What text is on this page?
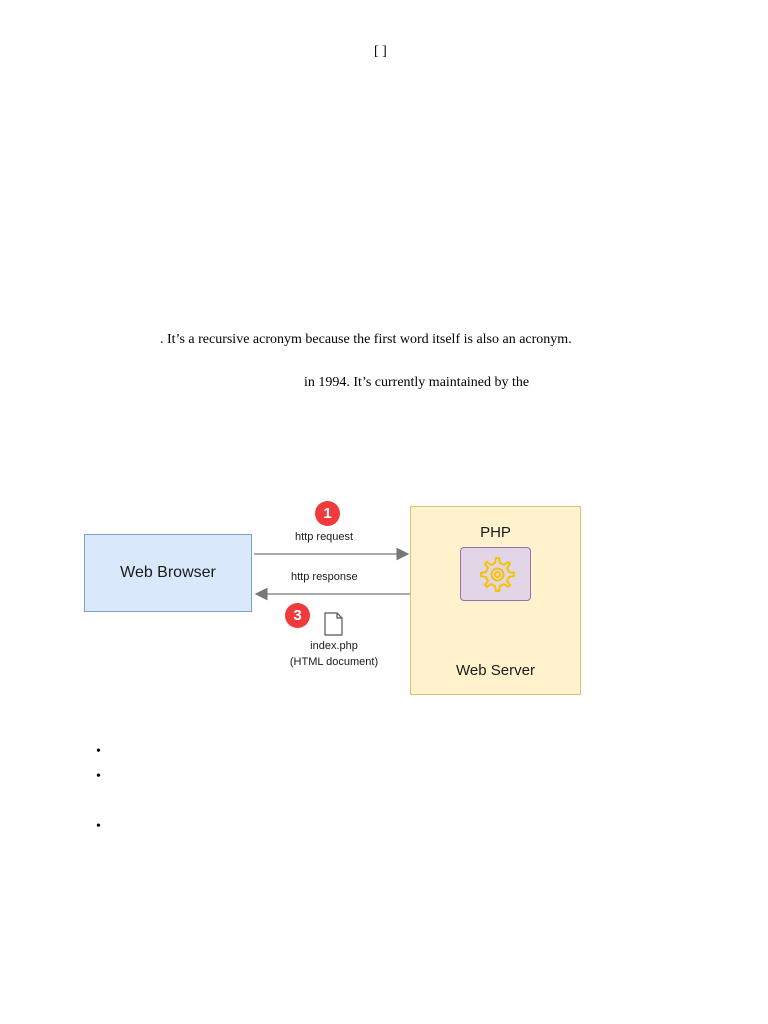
[ ]
. It’s a recursive acronym because the first word itself is also an acronym.
in 1994. It’s currently maintained by the
Web Browser
http request
http response
1
3
index.php
(HTML document)
PHP
Web Server
•
•
•
